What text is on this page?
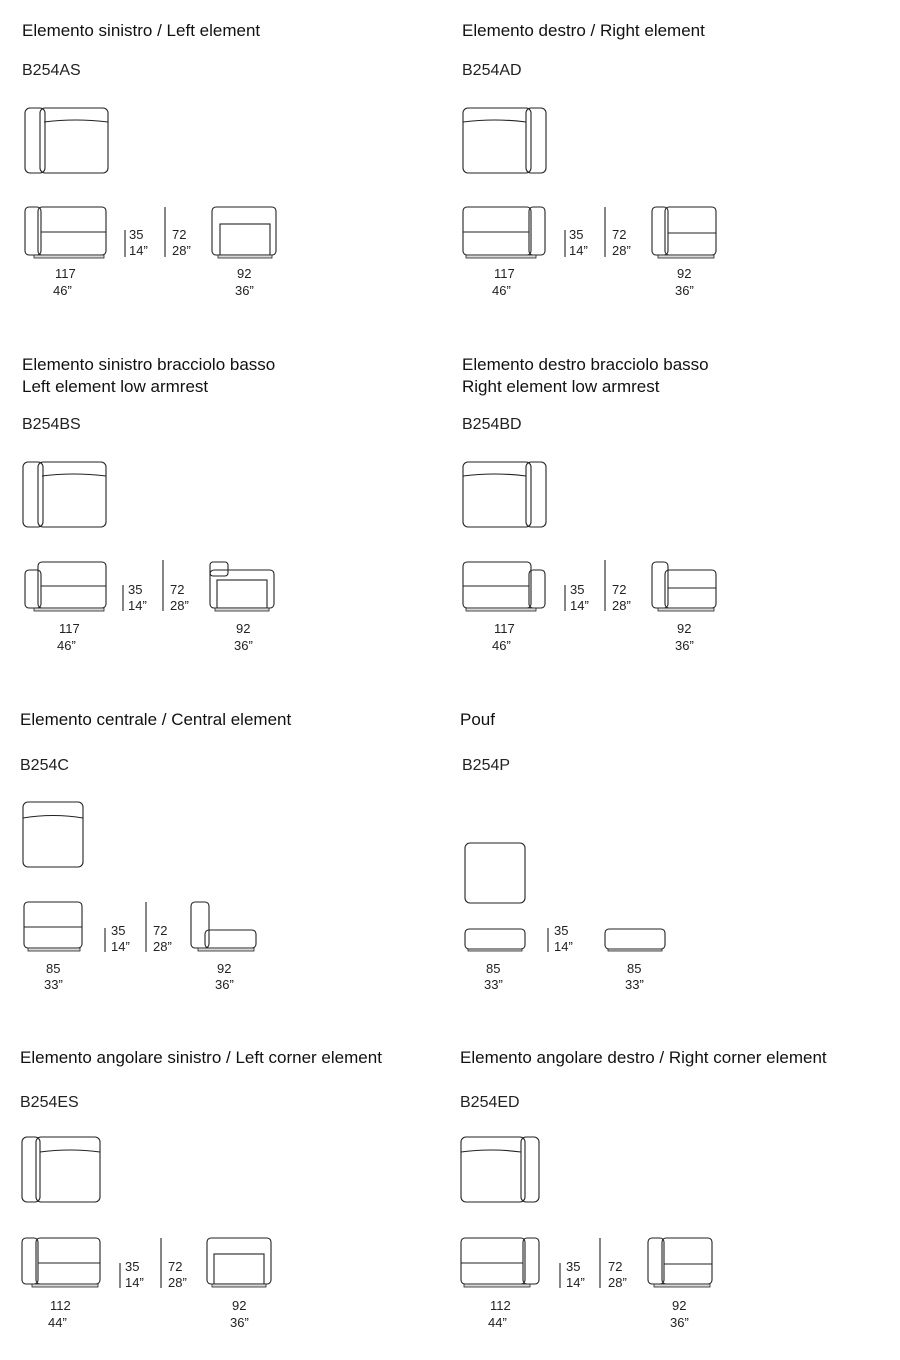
Elemento sinistro / Left element
B254AS
35
14”
72
28”
117
46”
92
36”
Elemento destro / Right element
B254AD
35
14”
72
28”
117
46”
92
36”
Elemento sinistro bracciolo basso
Left element low armrest
B254BS
35
14”
72
28”
117
46”
92
36”
Elemento destro bracciolo basso
Right element low armrest
B254BD
35
14”
72
28”
117
46”
92
36”
Elemento centrale / Central element
B254C
35
14”
72
28”
85
33”
92
36”
Pouf
B254P
35
14”
85
33”
85
33”
Elemento angolare sinistro / Left corner element
B254ES
35
14”
72
28”
112
44”
92
36”
Elemento angolare destro / Right corner element
B254ED
35
14”
72
28”
112
44”
92
36”
